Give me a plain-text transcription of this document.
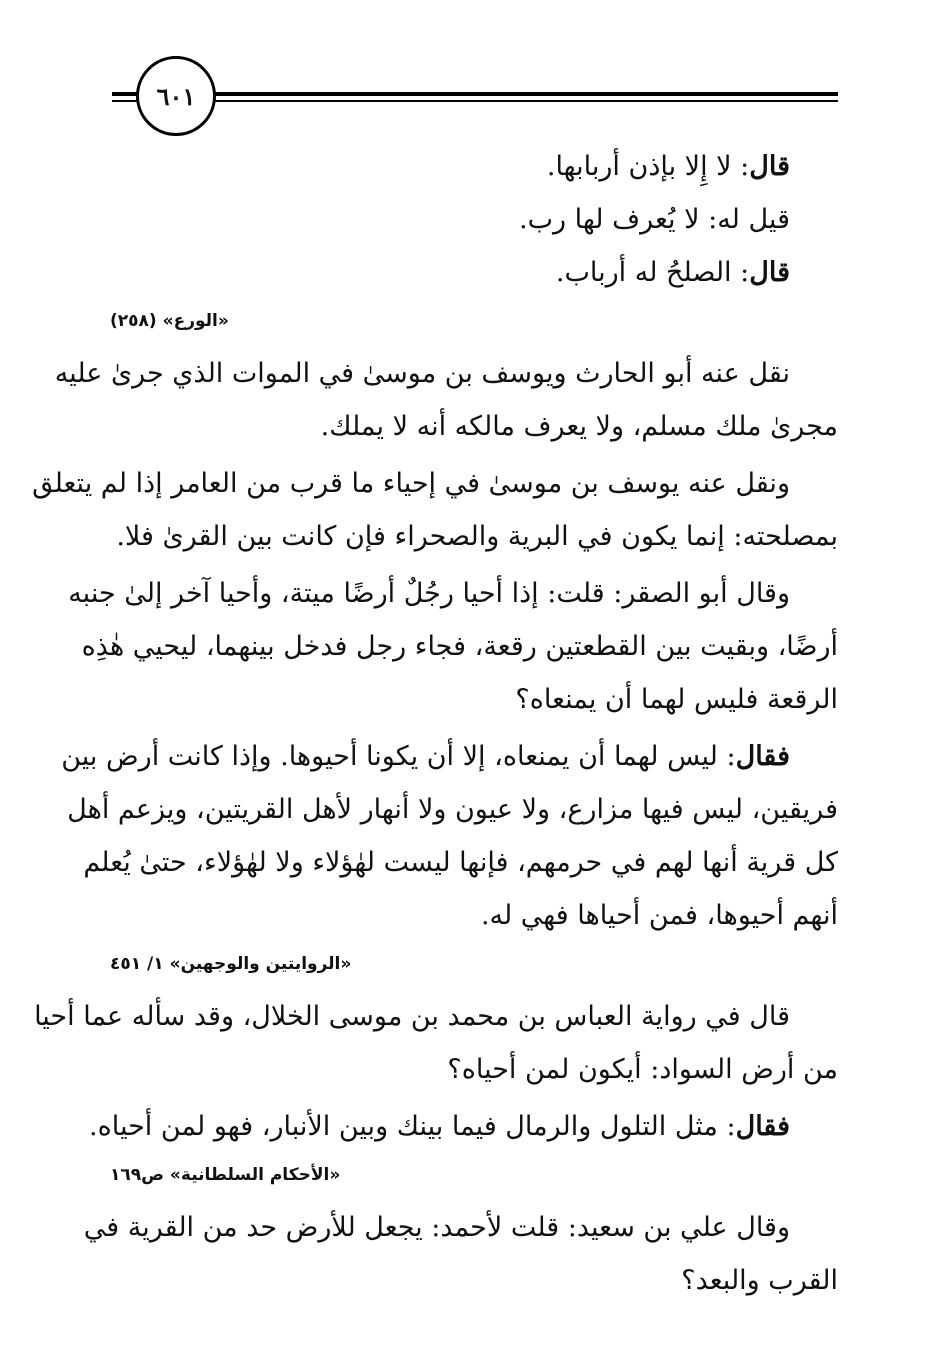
٦٠١
قال: لا إِلا بإذن أربابها.
قيل له: لا يُعرف لها رب.
قال: الصلحُ له أرباب.
«الورع» (٢٥٨)
نقل عنه أبو الحارث ويوسف بن موسىٰ في الموات الذي جرىٰ عليه
مجرىٰ ملك مسلم، ولا يعرف مالكه أنه لا يملك.
ونقل عنه يوسف بن موسىٰ في إحياء ما قرب من العامر إذا لم يتعلق
بمصلحته: إنما يكون في البرية والصحراء فإن كانت بين القرىٰ فلا.
وقال أبو الصقر: قلت: إذا أحيا رجُلٌ أرضًا ميتة، وأحيا آخر إلىٰ جنبه
أرضًا، وبقيت بين القطعتين رقعة، فجاء رجل فدخل بينهما، ليحيي هٰذِه
الرقعة فليس لهما أن يمنعاه؟
فقال: ليس لهما أن يمنعاه، إلا أن يكونا أحيوها. وإذا كانت أرض بين
فريقين، ليس فيها مزارع، ولا عيون ولا أنهار لأهل القريتين، ويزعم أهل
كل قرية أنها لهم في حرمهم، فإنها ليست لهٰؤلاء ولا لهٰؤلاء، حتىٰ يُعلم
أنهم أحيوها، فمن أحياها فهي له.
«الروايتين والوجهين» ١/ ٤٥١
قال في رواية العباس بن محمد بن موسى الخلال، وقد سأله عما أحيا
من أرض السواد: أيكون لمن أحياه؟
فقال: مثل التلول والرمال فيما بينك وبين الأنبار، فهو لمن أحياه.
«الأحكام السلطانية» ص١٦٩
وقال علي بن سعيد: قلت لأحمد: يجعل للأرض حد من القرية في
القرب والبعد؟
